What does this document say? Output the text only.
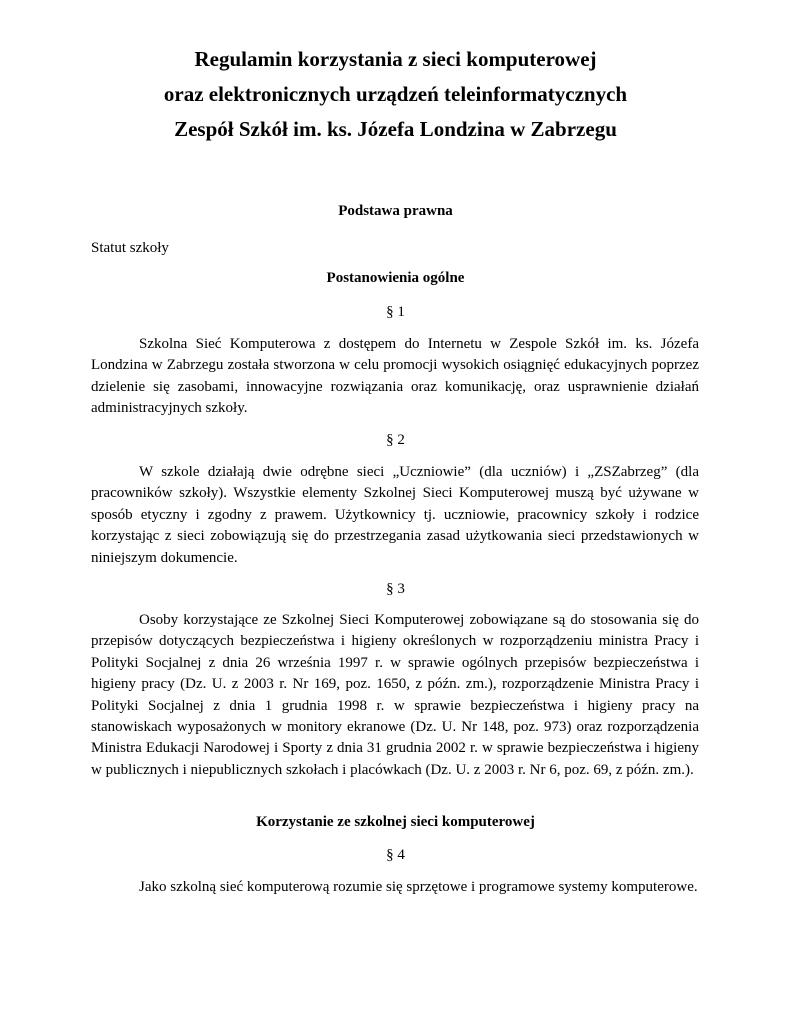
Regulamin korzystania z sieci komputerowej

oraz elektronicznych urządzeń teleinformatycznych

Zespół Szkół im. ks. Józefa Londzina w Zabrzegu

Podstawa prawna

Statut szkoły

Postanowienia ogólne

§ 1

Szkolna Sieć Komputerowa z dostępem do Internetu w Zespole Szkół im. ks. Józefa Londzina w Zabrzegu została stworzona w celu promocji wysokich osiągnięć edukacyjnych poprzez dzielenie się zasobami, innowacyjne rozwiązania oraz komunikację, oraz usprawnienie działań administracyjnych szkoły.

§ 2

W szkole działają dwie odrębne sieci „Uczniowie” (dla uczniów) i „ZSZabrzeg” (dla pracowników szkoły). Wszystkie elementy Szkolnej Sieci Komputerowej muszą być używane w sposób etyczny i zgodny z prawem. Użytkownicy tj. uczniowie, pracownicy szkoły i rodzice korzystając z sieci zobowiązują się do przestrzegania zasad użytkowania sieci przedstawionych w niniejszym dokumencie.

§ 3

Osoby korzystające ze Szkolnej Sieci Komputerowej zobowiązane są do stosowania się do przepisów dotyczących bezpieczeństwa i higieny określonych w rozporządzeniu ministra Pracy i Polityki Socjalnej z dnia 26 września 1997 r. w sprawie ogólnych przepisów bezpieczeństwa i higieny pracy (Dz. U. z 2003 r. Nr 169, poz. 1650, z późn. zm.), rozporządzenie Ministra Pracy i Polityki Socjalnej z dnia 1 grudnia 1998 r. w sprawie bezpieczeństwa i higieny pracy na stanowiskach wyposażonych w monitory ekranowe (Dz. U. Nr 148, poz. 973) oraz rozporządzenia Ministra Edukacji Narodowej i Sporty z dnia 31 grudnia 2002 r. w sprawie bezpieczeństwa i higieny w publicznych i niepublicznych szkołach i placówkach (Dz. U. z 2003 r. Nr 6, poz. 69, z późn. zm.).

Korzystanie ze szkolnej sieci komputerowej

§ 4

Jako szkolną sieć komputerową rozumie się sprzętowe i programowe systemy komputerowe.
